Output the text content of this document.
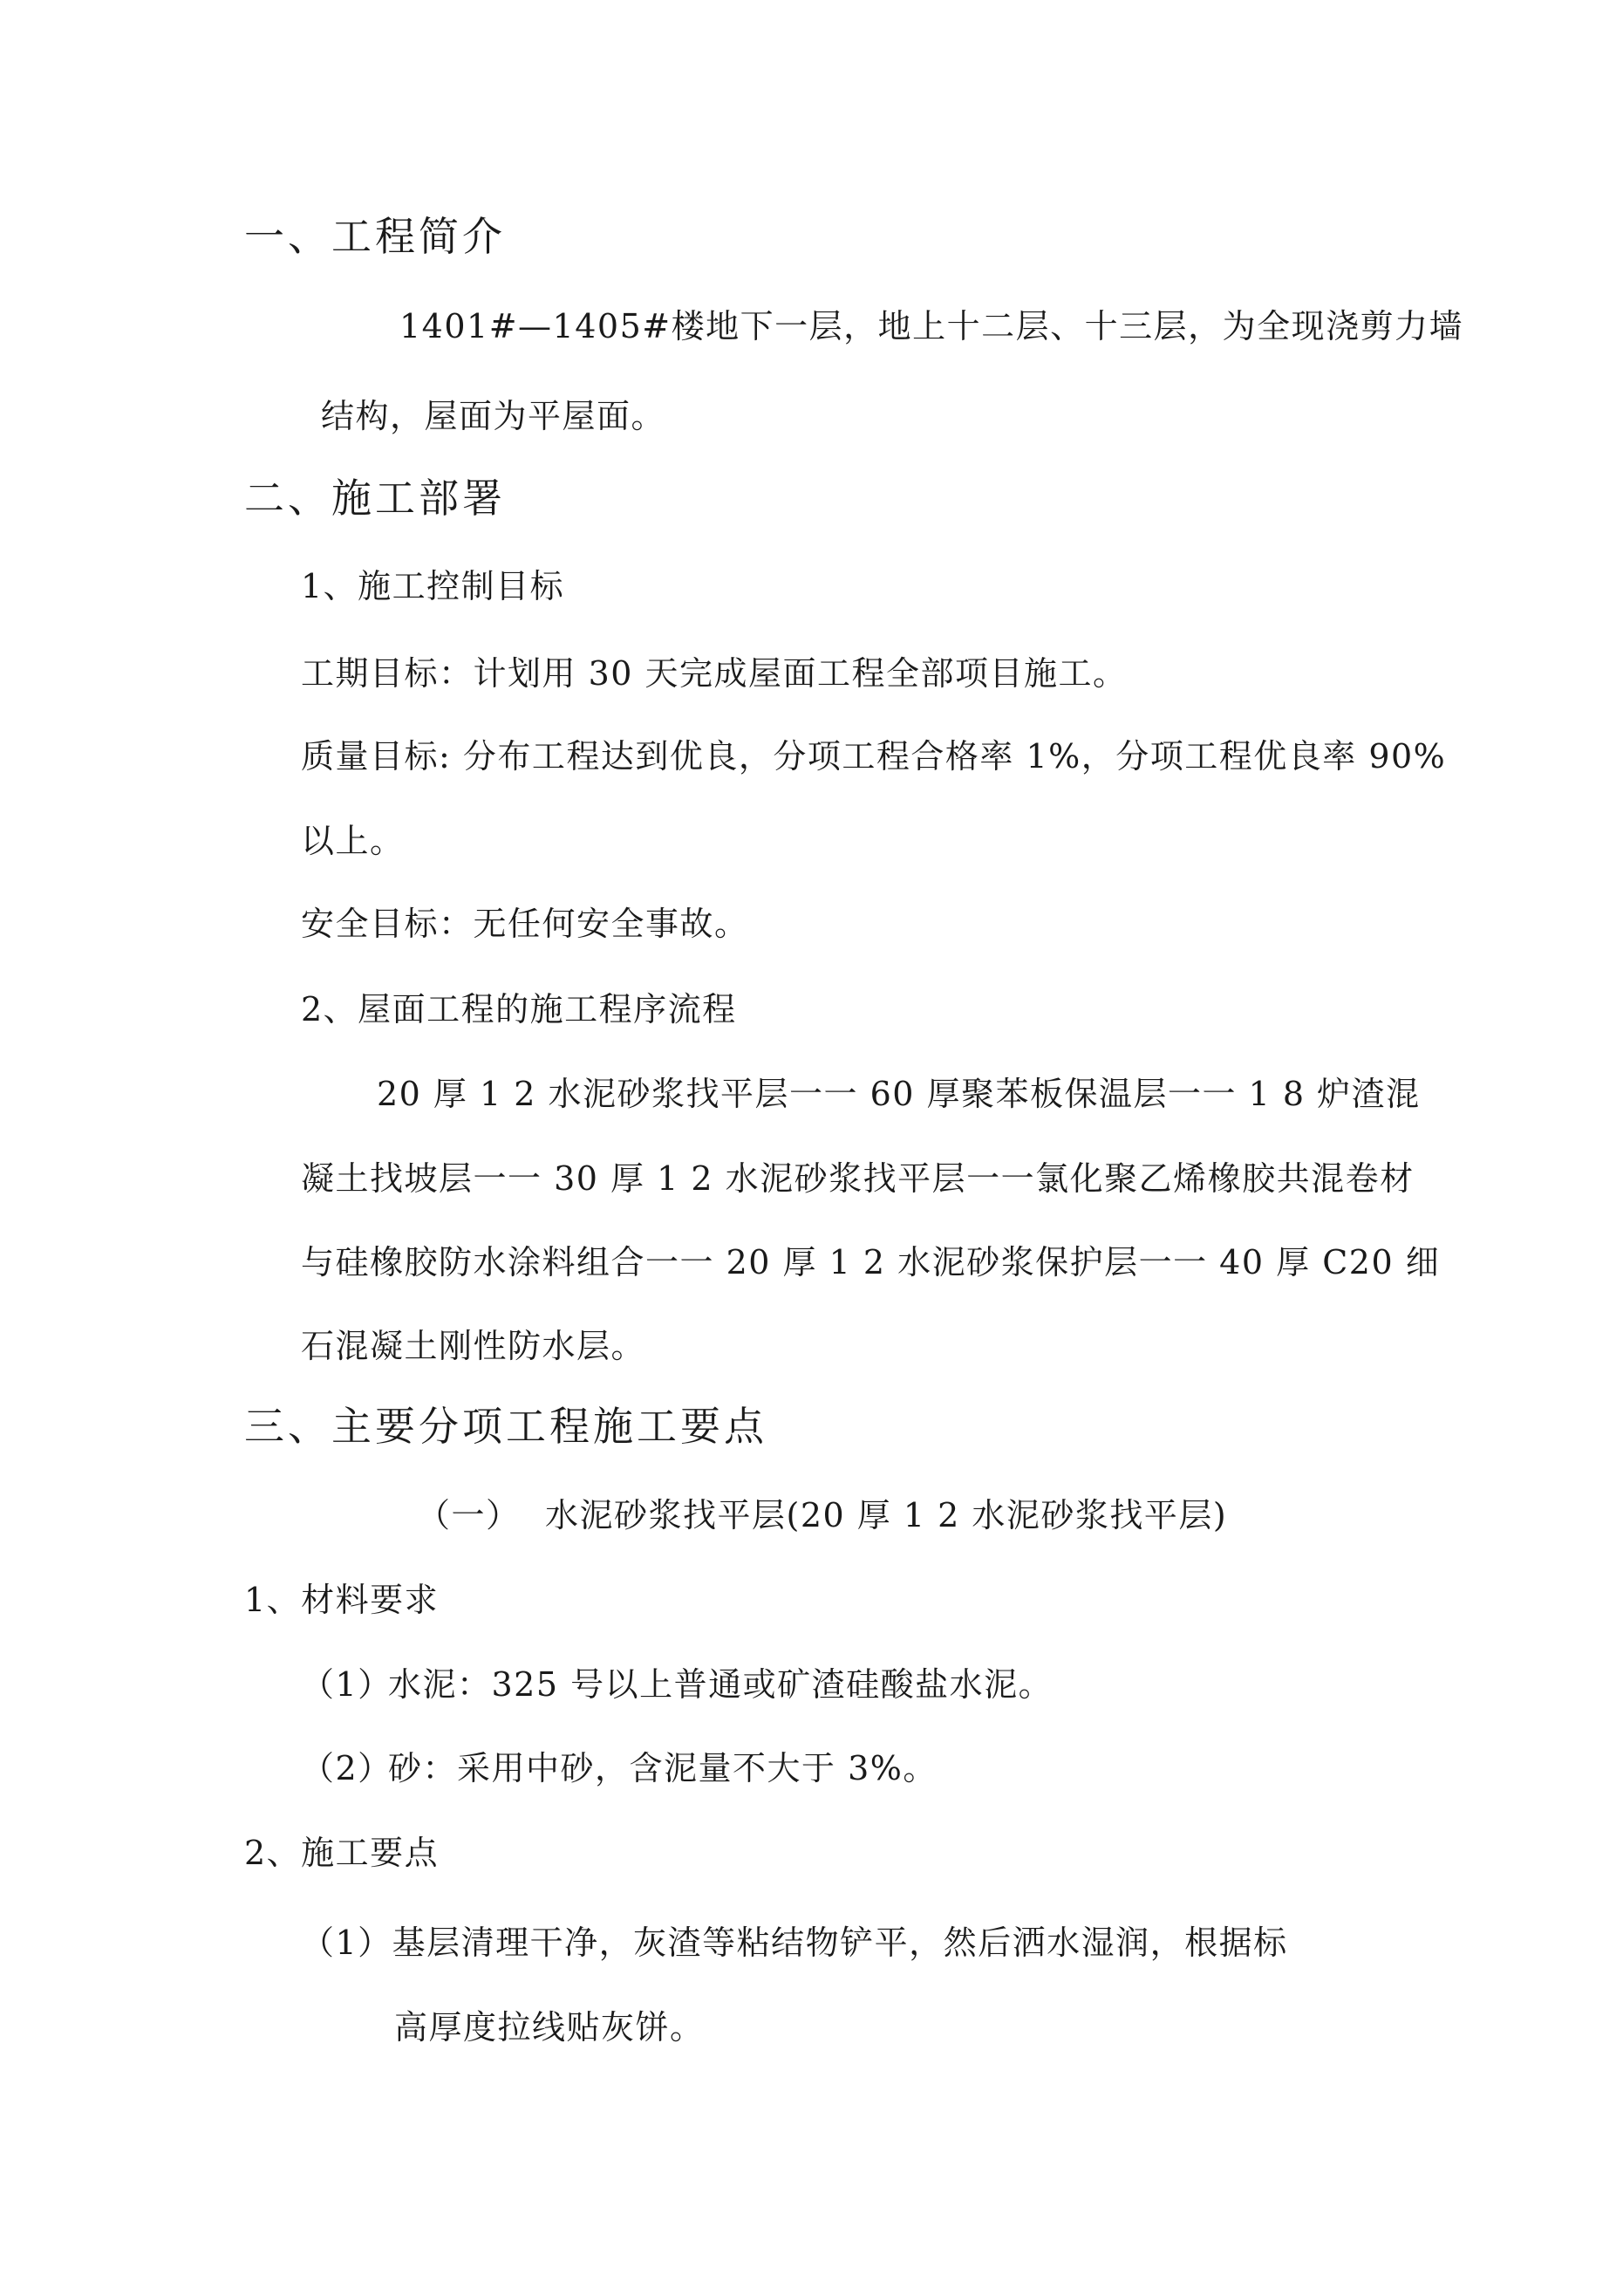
一、工程简介
1401#—1405#楼地下一层，地上十二层、十三层，为全现浇剪力墙
结构，屋面为平屋面。
二、施工部署
1、施工控制目标
工期目标：计划用 30 天完成屋面工程全部项目施工。
质量目标: 分布工程达到优良，分项工程合格率 1%，分项工程优良率 90%
以上。
安全目标：无任何安全事故。
2、屋面工程的施工程序流程
20 厚 1 2 水泥砂浆找平层一一 60 厚聚苯板保温层一一 1 8 炉渣混
凝土找坡层一一 30 厚 1 2 水泥砂浆找平层一一氯化聚乙烯橡胶共混卷材
与硅橡胶防水涂料组合一一 20 厚 1 2 水泥砂浆保护层一一 40 厚 C20 细
石混凝土刚性防水层。
三、主要分项工程施工要点
（一） 水泥砂浆找平层(20 厚 1 2 水泥砂浆找平层)
1、材料要求
（1）
水泥：325 号以上普通或矿渣硅酸盐水泥。
（2）
砂：采用中砂，含泥量不大于 3%。
2、施工要点
（1）基层清理干净，灰渣等粘结物铲平，然后洒水湿润，根据标
高厚度拉线贴灰饼。
